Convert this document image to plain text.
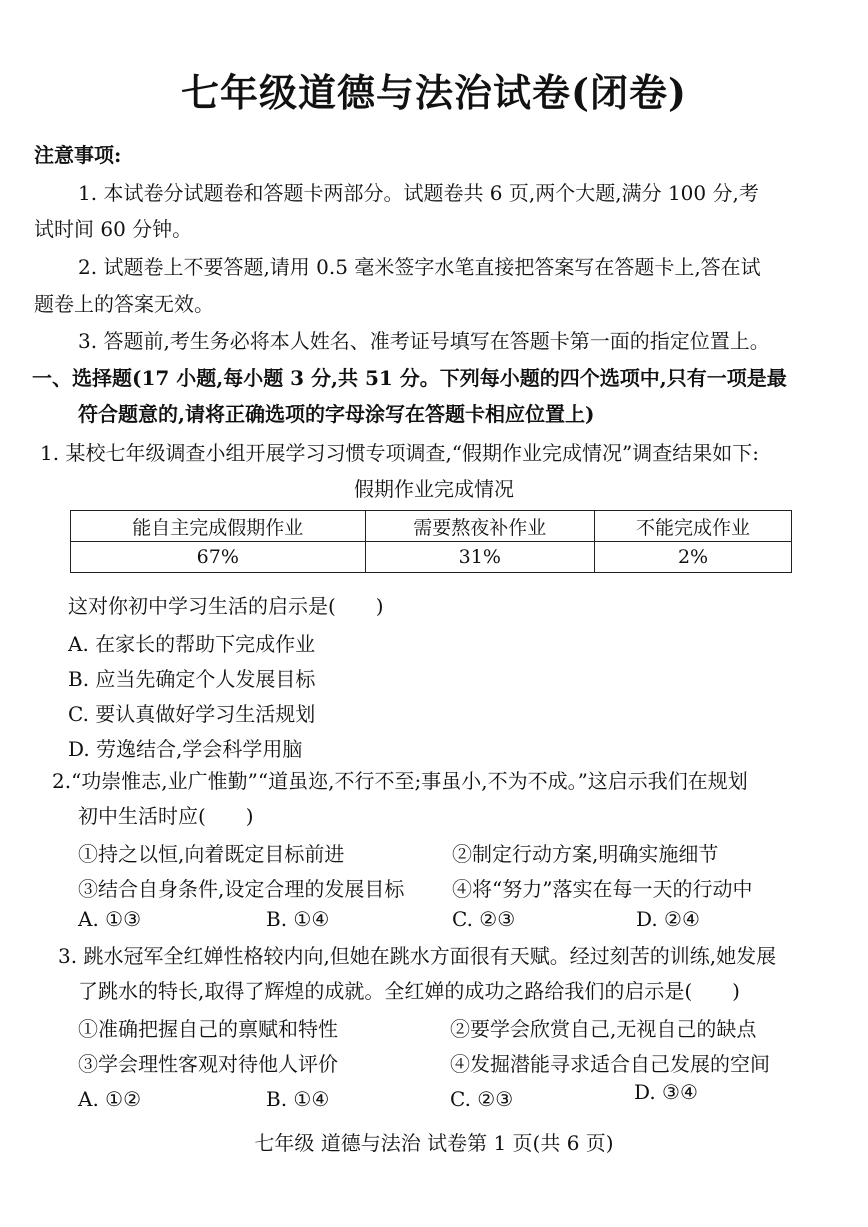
七年级道德与法治试卷(闭卷)
注意事项:
1. 本试卷分试题卷和答题卡两部分。试题卷共 6 页,两个大题,满分 100 分,考
试时间 60 分钟。
2. 试题卷上不要答题,请用 0.5 毫米签字水笔直接把答案写在答题卡上,答在试
题卷上的答案无效。
3. 答题前,考生务必将本人姓名、准考证号填写在答题卡第一面的指定位置上。
一、选择题(17 小题,每小题 3 分,共 51 分。下列每小题的四个选项中,只有一项是最
符合题意的,请将正确选项的字母涂写在答题卡相应位置上)
1. 某校七年级调查小组开展学习习惯专项调查,“假期作业完成情况”调查结果如下:
假期作业完成情况
能自主完成假期作业	需要熬夜补作业	不能完成作业
67%	31%	2%
这对你初中学习生活的启示是(　　)
A. 在家长的帮助下完成作业
B. 应当先确定个人发展目标
C. 要认真做好学习生活规划
D. 劳逸结合,学会科学用脑
2.“功崇惟志,业广惟勤”“道虽迩,不行不至;事虽小,不为不成。”这启示我们在规划
初中生活时应(　　)
①持之以恒,向着既定目标前进	②制定行动方案,明确实施细节
③结合自身条件,设定合理的发展目标 ④将“努力”落实在每一天的行动中
A. ①③	B. ①④	C. ②③	D. ②④
3. 跳水冠军全红婵性格较内向,但她在跳水方面很有天赋。经过刻苦的训练,她发展
了跳水的特长,取得了辉煌的成就。全红婵的成功之路给我们的启示是(　　)
①准确把握自己的禀赋和特性	②要学会欣赏自己,无视自己的缺点
③学会理性客观对待他人评价	④发掘潜能寻求适合自己发展的空间
A. ①②	B. ①④	C. ②③	D. ③④
七年级 道德与法治 试卷第 1 页(共 6 页)
